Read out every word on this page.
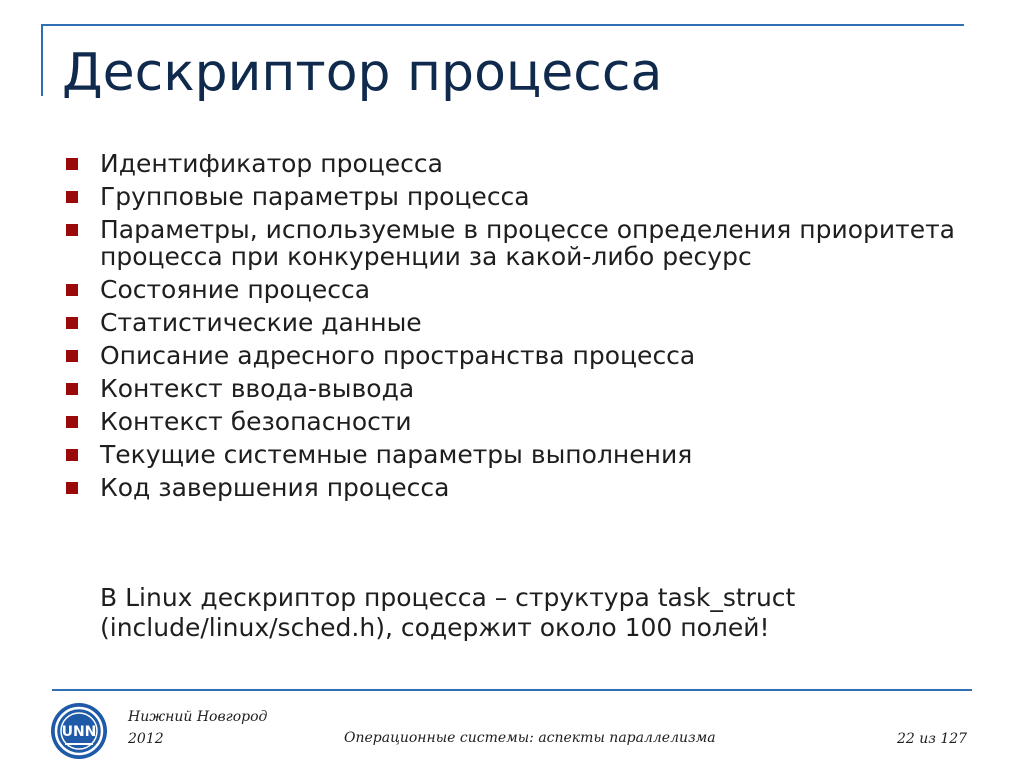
Дескриптор процесса
Идентификатор процесса
Групповые параметры процесса
Параметры, используемые в процессе определения приоритета процесса при конкуренции за какой-либо ресурс
Состояние процесса
Статистические данные
Описание адресного пространства процесса
Контекст ввода-вывода
Контекст безопасности
Текущие системные параметры выполнения
Код завершения процесса
В Linux дескриптор процесса – структура task_struct (include/linux/sched.h), содержит около 100 полей!
UNN
Нижний Новгород
2012	Операционные системы: аспекты параллелизма	22 из 127
